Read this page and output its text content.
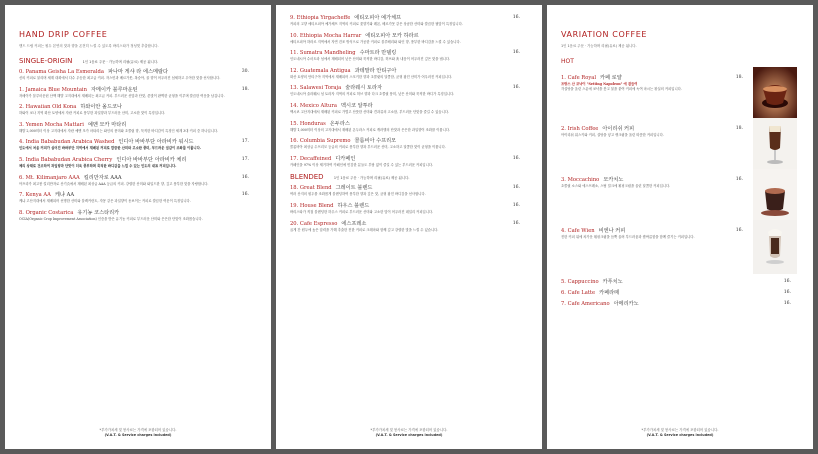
HAND DRIP COFFEE
핸드 드립 커피는 원두 본연의 맛과 향을 온전히 느낄 수 있도록 바리스타가 정성껏 추출합니다.
SINGLE-ORIGIN	1인 1음료 주문 · 가능하며 리필(유료) 제공 됩니다.
0. Panama Geisha La Esmeralda 파나마 게샤 라 에스메랄다	30.
신의 커피로 불리며 세계 대회에서 다수 우승한 최고급 커피. 자스민과 베르가못, 복숭아, 꿀 향이 어우러진 섬세하고 우아한 맛을 선사합니다.
1. Jamaica Blue Mountain 자메이카 블루마운틴	18.
자메이카 블루마운틴 산맥 해발 고지대에서 재배되는 최고급 커피. 부드러운 신맛과 단맛, 쓴맛이 완벽한 균형을 이루며 깔끔한 여운을 남깁니다.
2. Hawaiian Old Kona 하와이안 올드코나
하와이 코나 지역 화산 토양에서 자란 커피로 풍부한 과일향과 부드러운 산미, 고소한 맛이 특징입니다.
3. Yemen Mocha Mattari 예멘 모카 마타리
해발 2,000미터 이상 고지대에서 자란 예멘 모카 마타리는 와인의 풍미와 초콜릿 향, 묵직한 바디감이 특징인 세계 3대 커피 중 하나입니다.
4. India Bababudan Arabica Washed 인디아 바바부단 아라비카 워시드	17.
인도에서 처음 커피가 심어진 바바부단 지역에서 재배된 커피로 깔끔한 산미와 고소한 풍미, 부드러운 질감이 조화를 이룹니다.
5. India Bababudan Arabica Cherry 인디아 바바부단 아라비카 체리	17.
체리 상태로 건조하여 과일향과 단맛이 더욱 풍부하며 묵직한 바디감을 느낄 수 있는 인도의 대표 커피입니다.
6. Mt. Kilimanjaro AAA 킬리만자로 AAA	16.
아프리카 최고봉 킬리만자로 산기슭에서 재배된 최상급 AAA 등급의 커피. 강렬한 산미와 와일드한 향, 깊고 풍부한 맛을 자랑합니다.
7. Kenya AA 케냐 AA	16.
케냐 고산지대에서 재배되어 선명한 산미와 블랙커런트, 자몽 같은 과일향이 돋보이는 커피로 깔끔한 여운이 특징입니다.
8. Organic Costarica 유기농 코스타리카
OCIA(Organic Crop Improvement Association) 인증을 받은 유기농 커피로 부드러운 산미와 은은한 단맛이 조화롭습니다.
*부가가치세 및 봉사료는 가격에 포함되어 있습니다.
(V.A.T. & Service charges included)
9. Ethiopia Yirgacheffe 에티오피아 예가체프	16.
커피의 고향 에티오피아 예가체프 지역의 커피로 꽃향기와 레몬, 베르가못 같은 상큼한 산미와 깔끔한 뒷맛이 특징입니다.
10. Ethiopia Mocha Harrar 에티오피아 모카 하라르
에티오피아 하라르 지역에서 자연 건조 방식으로 가공한 커피로 블루베리와 와인 향, 풍부한 바디감을 느낄 수 있습니다.
11. Sumatra Mandheling 수마트라 만델링	16.
인도네시아 수마트라 섬에서 재배되어 낮은 산미와 묵직한 바디감, 허브와 흙 내음이 어우러진 깊은 맛을 냅니다.
12. Guatemala Antigua 과테말라 안티구아
화산 토양의 안티구아 지역에서 재배되어 스모키한 향과 초콜릿의 달콤함, 균형 잡힌 산미가 어우러진 커피입니다.
13. Salawesi Toraja 술라웨시 토라자	16.
인도네시아 술라웨시 섬 토라자 지역의 커피로 허브 향과 다크 초콜릿 풍미, 낮은 산미와 묵직한 바디가 특징입니다.
14. Mexico Altura 멕시코 알투라
멕시코 고산지대에서 재배된 커피로 가볍고 산뜻한 산미와 견과류의 고소함, 부드러운 단맛을 즐길 수 있습니다.
15. Honduras 온두라스
해발 1,000미터 이상의 고지대에서 재배된 온두라스 커피로 캐러멜의 단맛과 은은한 과일향이 조화를 이룹니다.
16. Columbia Supremo 콜롬비아 수프리모
콜롬비아 최상급 수프리모 등급의 커피로 풍부한 향과 부드러운 산미, 고소하고 달콤한 맛이 균형을 이룹니다.
17. Decaffeined 디카페인	16.
카페인을 97% 이상 제거하여 카페인에 민감한 분들도 부담 없이 즐길 수 있는 부드러운 커피입니다.
BLENDED	1인 1음료 주문 · 가능하며 리필(유료) 제공 됩니다.
18. Great Blend 그레이트 블렌드	16.
여러 산지의 원두를 조화롭게 블렌딩하여 풍부한 향과 깊은 맛, 균형 잡힌 바디감을 선사합니다.
19. House Blend 하우스 블렌드	16.
바리스타가 직접 블렌딩한 하우스 커피로 부드러운 산미와 고소한 맛이 어우러진 데일리 커피입니다.
20. Cafe Espresso 에스프레소	16.
곱게 간 원두에 높은 압력을 가해 추출한 진한 커피로 크레마와 함께 깊고 강렬한 맛을 느낄 수 있습니다.
*부가가치세 및 봉사료는 가격에 포함되어 있습니다.
(V.A.T. & Service charges included)
VARIATION COFFEE
1인 1음료 주문 · 가능하며 리필(유료) 제공 됩니다.
HOT
1. Cafe Royal 카페 로얄	18.
프랑스 산 코냑이 "Setting Napoleon" 에 곁들여
각설탕을 올린 스푼에 코냑을 붓고 불을 붙여 커피에 녹여 마시는 왕실의 커피입니다.
2. Irish Coffee 아이리쉬 커피	18.
아이리쉬 위스키와 커피, 설탕을 넣고 생크림을 올린 따뜻한 커피입니다.
3. Moccachino 모카치노	16.
초콜릿 소스와 에스프레소, 스팀 밀크에 휘핑크림을 올린 달콤한 커피입니다.
4. Cafe Wien 비엔나 커피	16.
진한 커피 위에 차가운 휘핑크림을 듬뿍 올려 부드러움과 쌉싸름함을 함께 즐기는 커피입니다.
5. Cappuccino 카푸치노	16.
6. Cafe Latte 카페라떼	16.
7. Cafe Americano 아메리카노	16.
*부가가치세 및 봉사료는 가격에 포함되어 있습니다.
(V.A.T. & Service charges included)
